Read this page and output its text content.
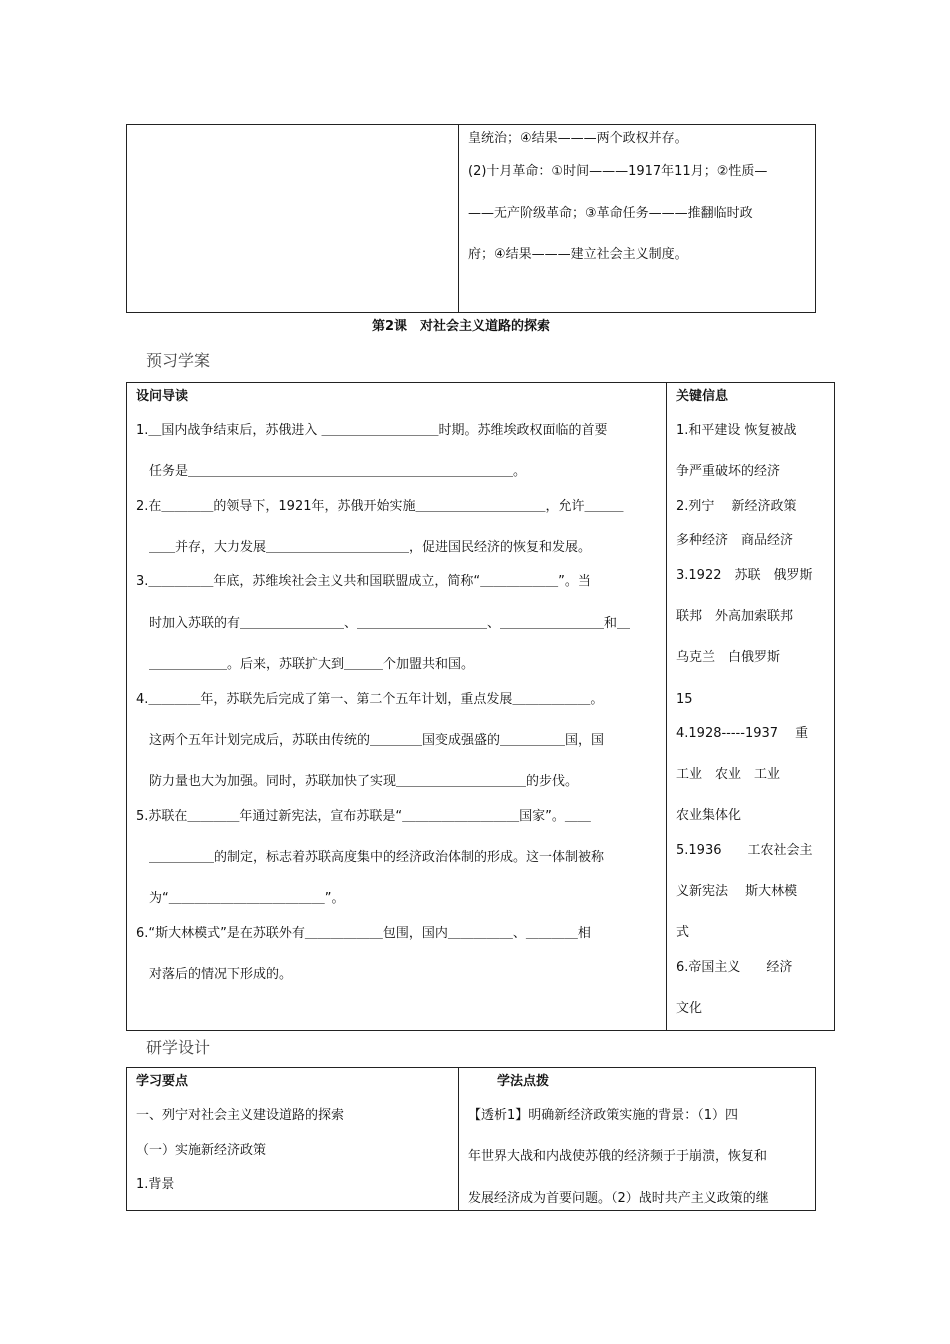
皇统治；④结果———两个政权并存。
(2)十月革命：①时间———1917年11月；②性质—
——无产阶级革命；③革命任务———推翻临时政
府；④结果———建立社会主义制度。
第2课　对社会主义道路的探索
预习学案
设问导读	关键信息
1.＿国内战争结束后，苏俄进入 ＿＿＿＿＿＿＿＿＿时期。苏维埃政权面临的首要
　任务是＿＿＿＿＿＿＿＿＿＿＿＿＿＿＿＿＿＿＿＿＿＿＿＿＿。
2.在＿＿＿＿的领导下，1921年，苏俄开始实施＿＿＿＿＿＿＿＿＿＿，允许＿＿＿
　＿＿并存，大力发展＿＿＿＿＿＿＿＿＿＿＿，促进国民经济的恢复和发展。
3.＿＿＿＿＿年底，苏维埃社会主义共和国联盟成立，简称“＿＿＿＿＿＿”。当
　时加入苏联的有＿＿＿＿＿＿＿＿、＿＿＿＿＿＿＿＿＿＿、＿＿＿＿＿＿＿＿和＿
　＿＿＿＿＿＿。后来，苏联扩大到＿＿＿个加盟共和国。
4.＿＿＿＿年，苏联先后完成了第一、第二个五年计划，重点发展＿＿＿＿＿＿。
　这两个五年计划完成后，苏联由传统的＿＿＿＿国变成强盛的＿＿＿＿＿国，国
　防力量也大为加强。同时，苏联加快了实现＿＿＿＿＿＿＿＿＿＿的步伐。
5.苏联在＿＿＿＿年通过新宪法，宣布苏联是“＿＿＿＿＿＿＿＿＿国家”。＿＿
　＿＿＿＿＿的制定，标志着苏联高度集中的经济政治体制的形成。这一体制被称
　为“＿＿＿＿＿＿＿＿＿＿＿＿”。
6.“斯大林模式”是在苏联外有＿＿＿＿＿＿包围，国内＿＿＿＿＿、＿＿＿＿相
　对落后的情况下形成的。
1.和平建设 恢复被战
争严重破坏的经济
2.列宁　 新经济政策
多种经济　商品经济
3.1922　苏联　俄罗斯
联邦　外高加索联邦
乌克兰　白俄罗斯
15
4.1928-----1937　 重
工业　农业　工业
农业集体化
5.1936　　工农社会主
义新宪法　 斯大林模
式
6.帝国主义　　经济
文化
研学设计
学习要点	学法点拨
一、列宁对社会主义建设道路的探索
（一）实施新经济政策
1.背景
【透析1】明确新经济政策实施的背景：（1）四
年世界大战和内战使苏俄的经济频于于崩溃，恢复和
发展经济成为首要问题。（2）战时共产主义政策的继
